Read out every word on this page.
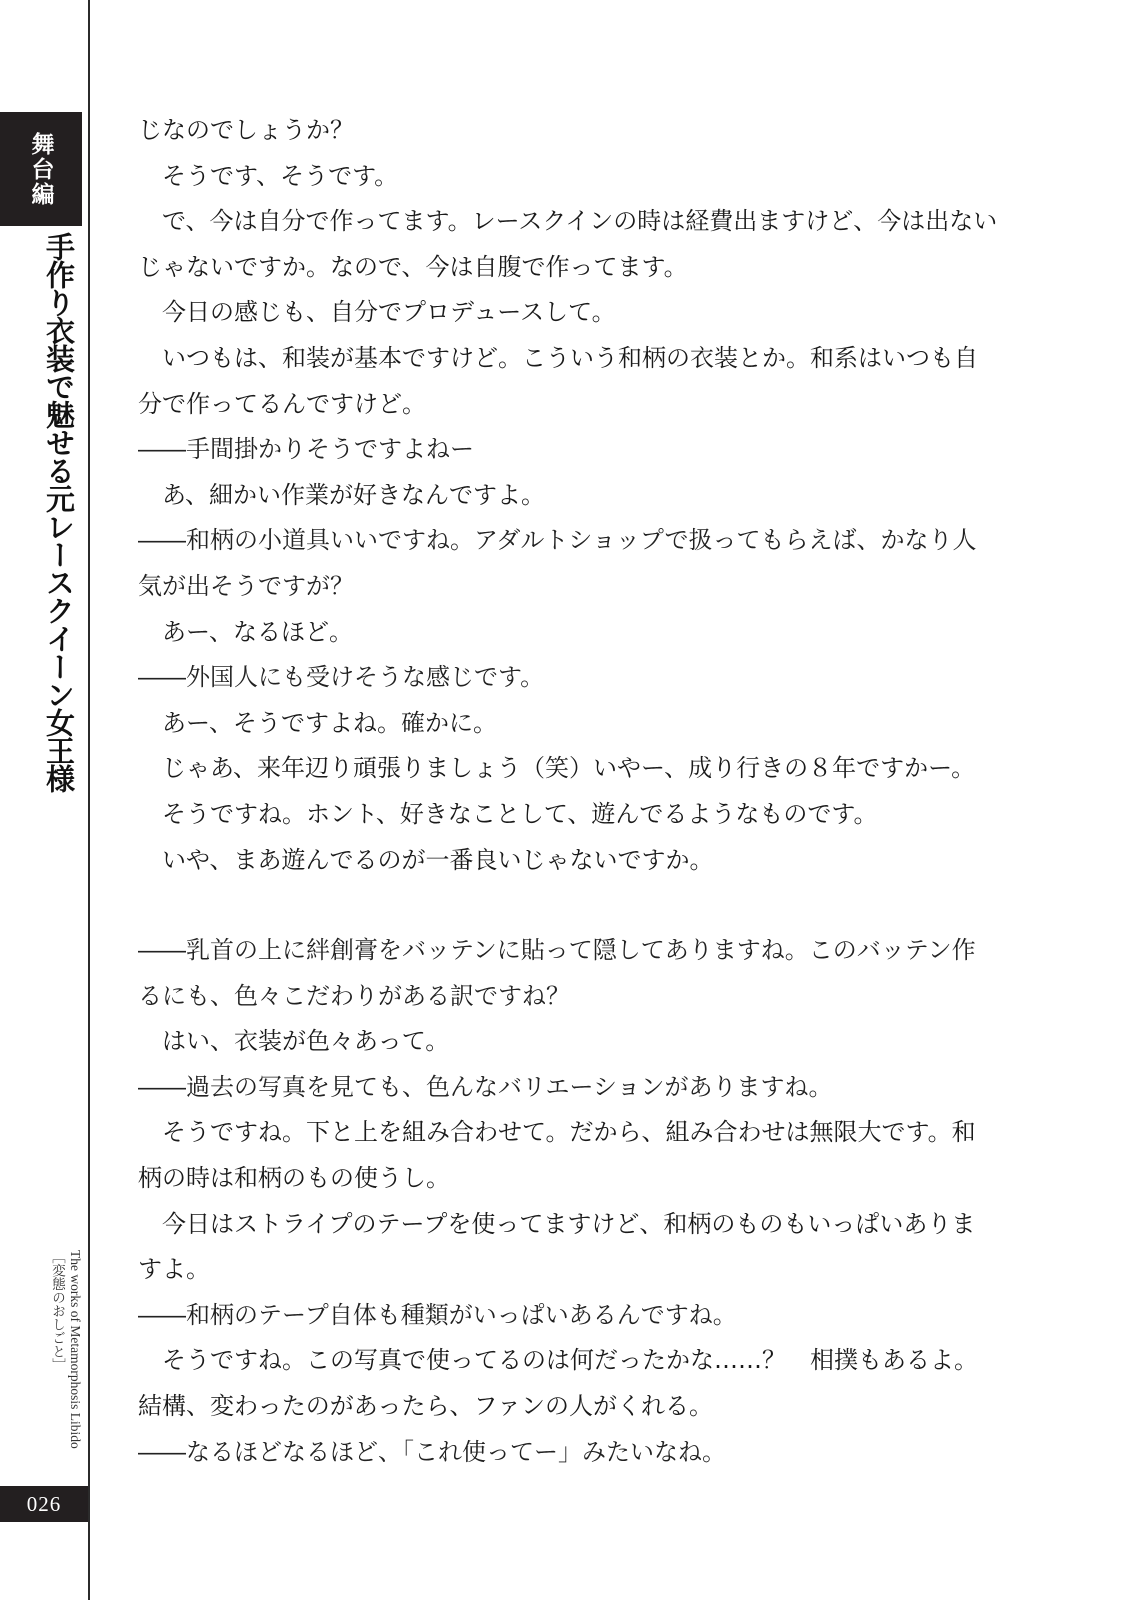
舞台編
手作り衣装で魅せる元レースクイーン女王様
The works of Metamorphosis Libido
［変態のおしごと］
026

じなのでしょうか？

そうです、そうです。

で、今は自分で作ってます。レースクインの時は経費出ますけど、今は出ないじゃないですか。なので、今は自腹で作ってます。

今日の感じも、自分でプロデュースして。

いつもは、和装が基本ですけど。こういう和柄の衣装とか。和系はいつも自分で作ってるんですけど。

――手間掛かりそうですよねー

あ、細かい作業が好きなんですよ。

――和柄の小道具いいですね。アダルトショップで扱ってもらえば、かなり人気が出そうですが？

あー、なるほど。

――外国人にも受けそうな感じです。

あー、そうですよね。確かに。

じゃあ、来年辺り頑張りましょう（笑）いやー、成り行きの８年ですかー。

そうですね。ホント、好きなことして、遊んでるようなものです。

いや、まあ遊んでるのが一番良いじゃないですか。

――乳首の上に絆創膏をバッテンに貼って隠してありますね。このバッテン作るにも、色々こだわりがある訳ですね？

はい、衣装が色々あって。

――過去の写真を見ても、色んなバリエーションがありますね。

そうですね。下と上を組み合わせて。だから、組み合わせは無限大です。和柄の時は和柄のもの使うし。

今日はストライプのテープを使ってますけど、和柄のものもいっぱいありますよ。

――和柄のテープ自体も種類がいっぱいあるんですね。

そうですね。この写真で使ってるのは何だったかな……？　相撲もあるよ。結構、変わったのがあったら、ファンの人がくれる。

――なるほどなるほど、「これ使ってー」みたいなね。
